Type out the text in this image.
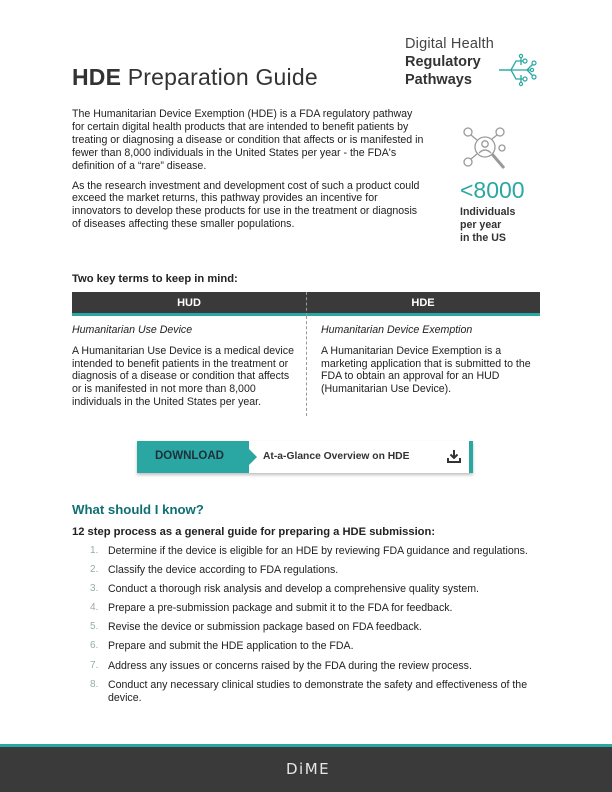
Digital Health
Regulatory
Pathways
HDE Preparation Guide

The Humanitarian Device Exemption (HDE) is a FDA regulatory pathway for certain digital health products that are intended to benefit patients by treating or diagnosing a disease or condition that affects or is manifested in fewer than 8,000 individuals in the United States per year - the FDA's definition of a “rare” disease.

As the research investment and development cost of such a product could exceed the market returns, this pathway provides an incentive for innovators to develop these products for use in the treatment or diagnosis of diseases affecting these smaller populations.

<8000
Individuals
per year
in the US
Two key terms to keep in mind:
HUD	HDE
Humanitarian Use Device
A Humanitarian Use Device is a medical device intended to benefit patients in the treatment or diagnosis of a disease or condition that affects or is manifested in not more than 8,000 individuals in the United States per year.
Humanitarian Device Exemption
A Humanitarian Device Exemption is a marketing application that is submitted to the FDA to obtain an approval for an HUD (Humanitarian Use Device).
DOWNLOAD	At-a-Glance Overview on HDE
What should I know?
12 step process as a general guide for preparing a HDE submission:
1. Determine if the device is eligible for an HDE by reviewing FDA guidance and regulations.
2. Classify the device according to FDA regulations.
3. Conduct a thorough risk analysis and develop a comprehensive quality system.
4. Prepare a pre-submission package and submit it to the FDA for feedback.
5. Revise the device or submission package based on FDA feedback.
6. Prepare and submit the HDE application to the FDA.
7. Address any issues or concerns raised by the FDA during the review process.
8. Conduct any necessary clinical studies to demonstrate the safety and effectiveness of the device.
DiME
